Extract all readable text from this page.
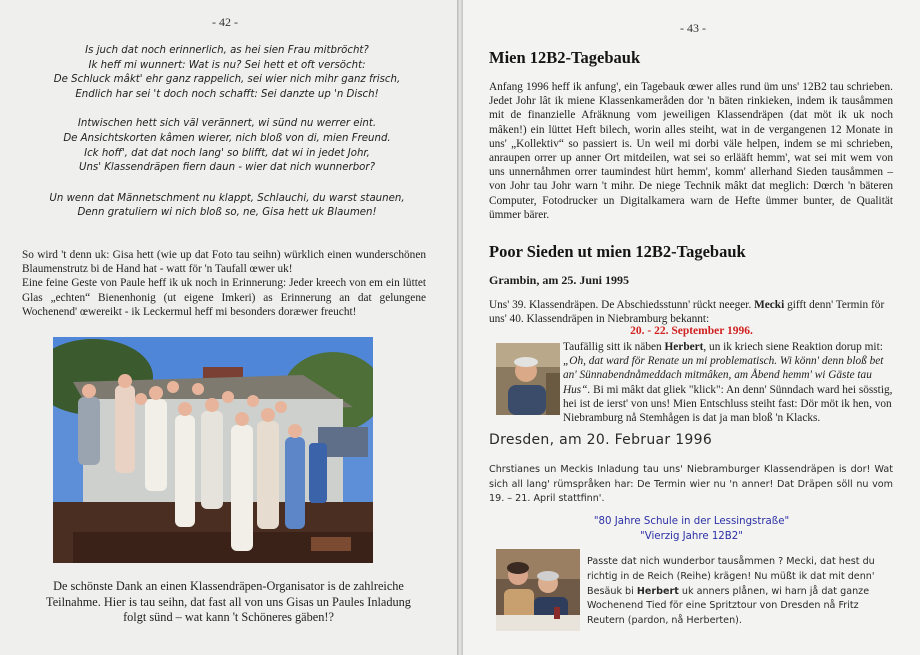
- 42 -
Is juch dat noch erinnerlich, as hei sien Frau mitbröcht?
Ik heff mi wunnert: Wat is nu? Sei hett et oft versöcht:
De Schluck mâkt' ehr ganz rappelich, sei wier nich mihr ganz frisch,
Endlich har sei 't doch noch schafft: Sei danzte up 'n Disch!
Intwischen hett sich väl verännert, wi sünd nu werrer eint.
De Ansichtskorten kâmen wierer, nich bloß von di, mien Freund.
Ick hoff', dat dat noch lang' so blifft, dat wi in jedet Johr,
Uns' Klassendräpen fiern daun - wier dat nich wunnerbor?
Un wenn dat Männetschment nu klappt, Schlauchi, du warst staunen,
Denn gratuliern wi nich bloß so, ne, Gisa hett uk Blaumen!
So wird 't denn uk: Gisa hett (wie up dat Foto tau seihn) würklich einen wunderschönen Blaumenstrutz bi de Hand hat - watt för 'n Taufall œwer uk!
Eine feine Geste von Paule heff ik uk noch in Erinnerung: Jeder kreech von em ein lüttet Glas „echten“ Bienenhonig (ut eigene Imkeri) as Erinnerung an dat gelungene Wochenend' œwereikt - ik Leckermul heff mi besonders doræwer freucht!
De schönste Dank an einen Klassendräpen-Organisator is de zahlreiche
Teilnahme. Hier is tau seihn, dat fast all von uns Gisas un Paules Inladung
folgt sünd – wat kann 't Schöneres gäben!?
- 43 -
Mien 12B2-Tagebauk
Anfang 1996 heff ik anfung', ein Tagebauk œwer alles rund üm uns' 12B2 tau schrieben. Jedet Johr lât ik miene Klassenkameråden dor 'n bäten rinkieken, indem ik tausåmmen mit de finanzielle Afräknung vom jeweiligen Klassendräpen (dat möt ik uk noch mâken!) ein lüttet Heft bilech, worin alles steiht, wat in de vergangenen 12 Monate in uns' „Kollektiv“ so passiert is. Un weil mi dorbi väle helpen, indem se mi schrieben, anraupen orrer up anner Ort mitdeilen, wat sei so erlääft hemm', wat sei mit wem von uns unnernåhmen orrer taumindest hürt hemm', komm' allerhand Sieden tausåmmen – von Johr tau Johr warn 't mihr. De niege Technik mâkt dat meglich: Dœrch 'n bäteren Computer, Fotodrucker un Digitalkamera warn de Hefte ümmer bunter, de Qualität ümmer bärer.
Poor Sieden ut mien 12B2-Tagebauk
Grambin, am 25. Juni 1995
Uns' 39. Klassendräpen. De Abschiedsstunn' rückt neeger. Mecki gifft denn' Termin för uns' 40. Klassendräpen in Niebramburg bekannt:
20. - 22. September 1996.
Taufällig sitt ik näben Herbert, un ik kriech siene Reaktion dorup mit: „Oh, dat ward för Renate un mi problematisch. Wi könn' denn bloß bet an' Sünnabendnåmeddach mitmâken, am Åbend hemm' wi Gäste tau Hus“. Bi mi mâkt dat gliek "klick": An denn' Sünndach ward hei sösstig, hei ist de ierst' von uns! Mien Entschluss steiht fast: Dör möt ik hen, von Niebramburg nå Stemhågen is dat ja man bloß 'n Klacks.
Dresden, am 20. Februar 1996
Chrstianes un Meckis Inladung tau uns' Niebramburger Klassendräpen is dor! Wat sich all lang' rümspråken har: De Termin wier nu 'n anner! Dat Dräpen söll nu vom 19. – 21. April stattfinn'.
"80 Jahre Schule in der Lessingstraße"
"Vierzig Jahre 12B2"
Passte dat nich wunderbor tausåmmen ? Mecki, dat hest du richtig in de Reich (Reihe) krägen! Nu müßt ik dat mit denn' Besäuk bi Herbert uk anners plånen, wi harn jå dat ganze Wochenend Tied för eine Spritztour von Dresden nå Fritz Reutern (pardon, nå Herberten).
